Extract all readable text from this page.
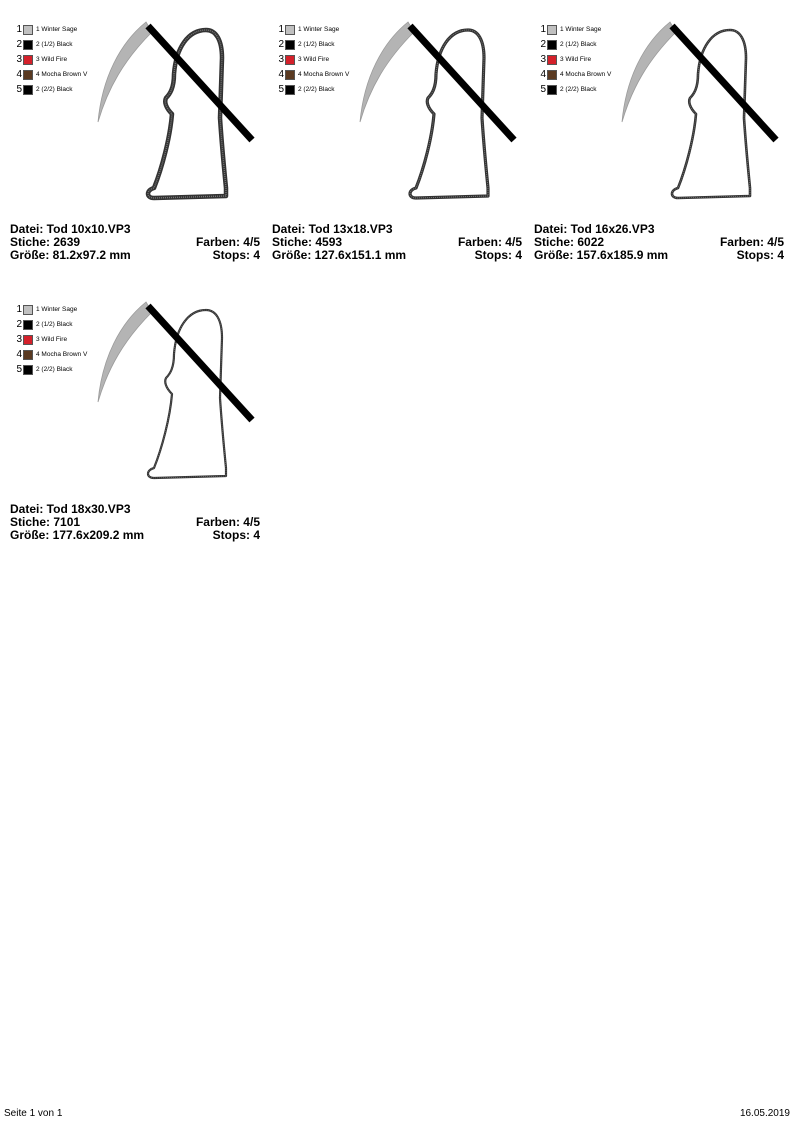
1 1 Winter Sage
2 2 (1/2) Black
3 3 Wild Fire
4 4 Mocha Brown V
5 2 (2/2) Black
Datei: Tod 10x10.VP3
Stiche: 2639	Farben: 4/5
Größe: 81.2x97.2 mm	Stops: 4
1 1 Winter Sage
2 2 (1/2) Black
3 3 Wild Fire
4 4 Mocha Brown V
5 2 (2/2) Black
Datei: Tod 13x18.VP3
Stiche: 4593	Farben: 4/5
Größe: 127.6x151.1 mm	Stops: 4
1 1 Winter Sage
2 2 (1/2) Black
3 3 Wild Fire
4 4 Mocha Brown V
5 2 (2/2) Black
Datei: Tod 16x26.VP3
Stiche: 6022	Farben: 4/5
Größe: 157.6x185.9 mm	Stops: 4
1 1 Winter Sage
2 2 (1/2) Black
3 3 Wild Fire
4 4 Mocha Brown V
5 2 (2/2) Black
Datei: Tod 18x30.VP3
Stiche: 7101	Farben: 4/5
Größe: 177.6x209.2 mm	Stops: 4
Seite 1 von 1	16.05.2019
